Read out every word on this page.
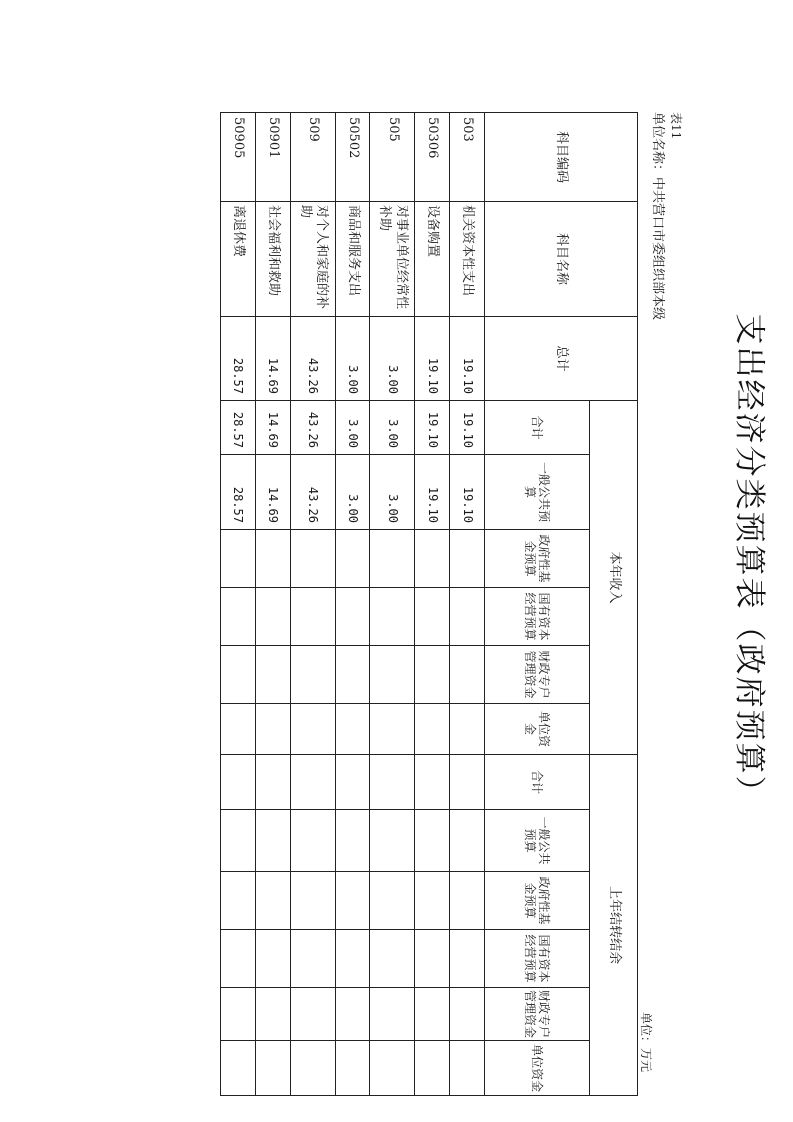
支出经济分类预算表（政府预算）
表11
单位名称：中共营口市委组织部本级
单位：万元
科目编码	科目名称	总计	本年收入						上年结转结余					
			合计	一般公共预算	政府性基金预算	国有资本经营预算	财政专户管理资金	单位资金	合计	一般公共预算	政府性基金预算	国有资本经营预算	财政专户管理资金	单位资金
503	机关资本性支出	19.10	19.10	19.10										
50306	设备购置	19.10	19.10	19.10										
505	对事业单位经常性补助	3.00	3.00	3.00										
50502	商品和服务支出	3.00	3.00	3.00										
509	对个人和家庭的补助	43.26	43.26	43.26										
50901	社会福利和救助	14.69	14.69	14.69										
50905	离退休费	28.57	28.57	28.57										
